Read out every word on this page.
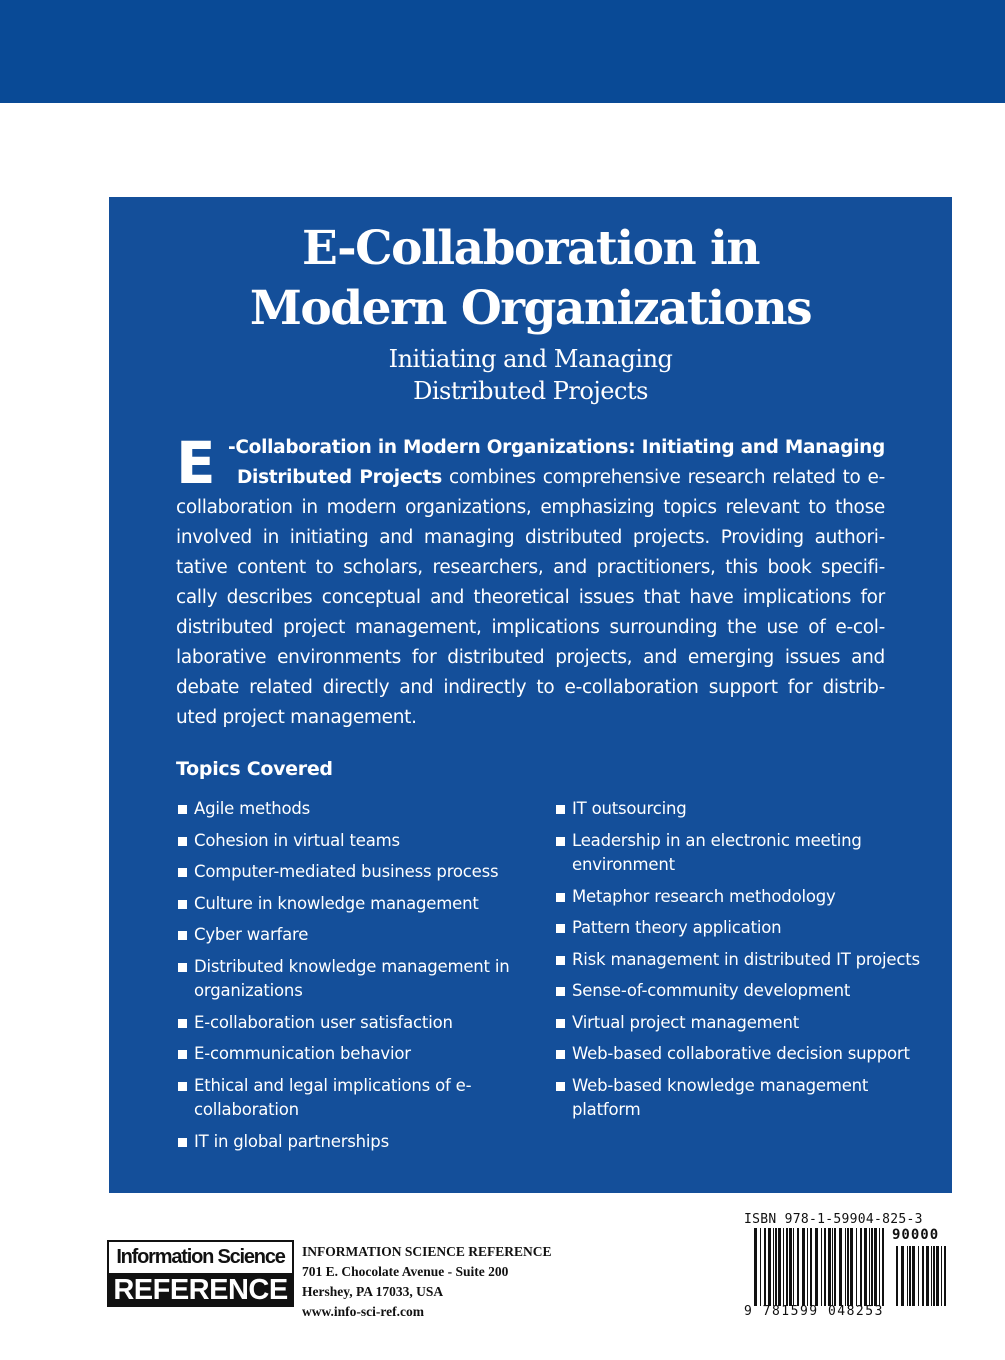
E-Collaboration in
Modern Organizations
Initiating and Managing
Distributed Projects
E -Collaboration in Modern Organizations: Initiating and Managing
Distributed Projects combines comprehensive research related to e-
collaboration in modern organizations, emphasizing topics relevant to those
involved in initiating and managing distributed projects. Providing authori-
tative content to scholars, researchers, and practitioners, this book specifi-
cally describes conceptual and theoretical issues that have implications for
distributed project management, implications surrounding the use of e-col-
laborative environments for distributed projects, and emerging issues and
debate related directly and indirectly to e-collaboration support for distrib-
uted project management.
Topics Covered
Agile methods
Cohesion in virtual teams
Computer-mediated business process
Culture in knowledge management
Cyber warfare
Distributed knowledge management in organizations
E-collaboration user satisfaction
E-communication behavior
Ethical and legal implications of e-collaboration
IT in global partnerships
IT outsourcing
Leadership in an electronic meeting environment
Metaphor research methodology
Pattern theory application
Risk management in distributed IT projects
Sense-of-community development
Virtual project management
Web-based collaborative decision support
Web-based knowledge management platform
Information Science
REFERENCE
INFORMATION SCIENCE REFERENCE
701 E. Chocolate Avenue - Suite 200
Hershey, PA 17033, USA
www.info-sci-ref.com
ISBN 978-1-59904-825-3
90000
9 781599 048253
